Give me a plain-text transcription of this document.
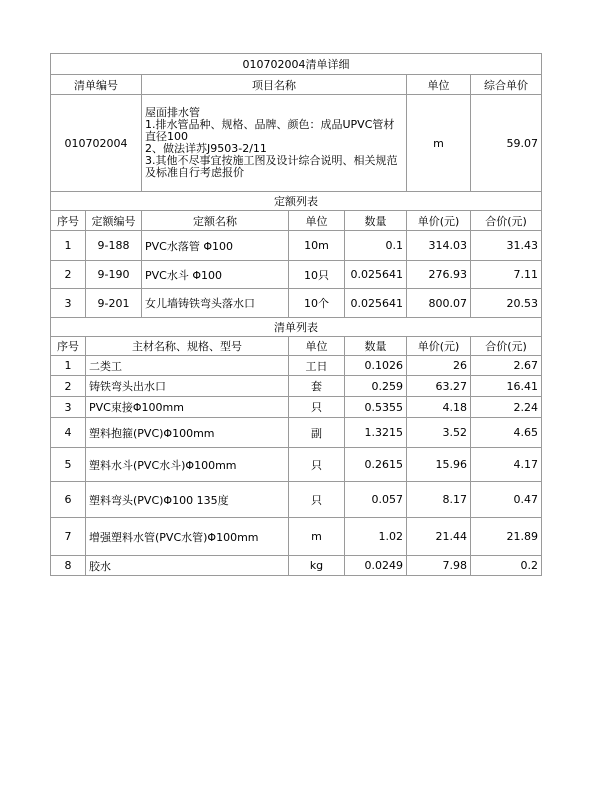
010702004清单详细						
清单编号		项目名称			单位	综合单价
010702004		屋面排水管
1.排水管品种、规格、品牌、颜色：成品UPVC管材直径100
2、做法详苏J9503-2/11
3.其他不尽事宜按施工图及设计综合说明、相关规范及标准自行考虑报价			m	59.07
定额列表						
序号	定额编号	定额名称	单位	数量	单价(元)	合价(元)
1	9-188	PVC水落管 Φ100	10m	0.1	314.03	31.43
2	9-190	PVC水斗 Φ100	10只	0.025641	276.93	7.11
3	9-201	女儿墙铸铁弯头落水口	10个	0.025641	800.07	20.53
清单列表						
序号	主材名称、规格、型号		单位	数量	单价(元)	合价(元)
1	二类工		工日	0.1026	26	2.67
2	铸铁弯头出水口		套	0.259	63.27	16.41
3	PVC束接Φ100mm		只	0.5355	4.18	2.24
4	塑料抱箍(PVC)Φ100mm		副	1.3215	3.52	4.65
5	塑料水斗(PVC水斗)Φ100mm		只	0.2615	15.96	4.17
6	塑料弯头(PVC)Φ100 135度		只	0.057	8.17	0.47
7	增强塑料水管(PVC水管)Φ100mm		m	1.02	21.44	21.89
8	胶水		kg	0.0249	7.98	0.2
